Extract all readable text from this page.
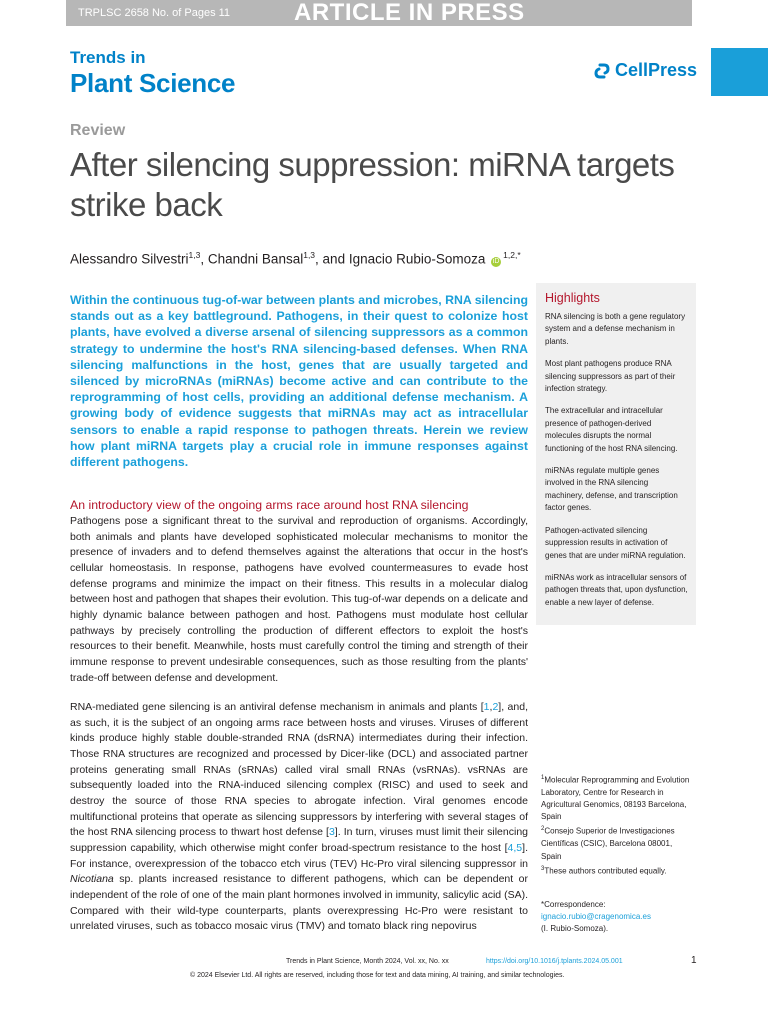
TRPLSC 2658 No. of Pages 11	ARTICLE IN PRESS
Trends in
Plant Science	CellPress
Review
After silencing suppression: miRNA targets strike back
Alessandro Silvestri$^{1,3}$, Chandni Bansal$^{1,3}$, and Ignacio Rubio-Somoza $iD^{1,2,*}$

Within the continuous tug-of-war between plants and microbes, RNA silencing stands out as a key battleground. Pathogens, in their quest to colonize host plants, have evolved a diverse arsenal of silencing suppressors as a common strategy to undermine the host's RNA silencing-based defenses. When RNA silencing malfunctions in the host, genes that are usually targeted and silenced by microRNAs (miRNAs) become active and can contribute to the reprogramming of host cells, providing an additional defense mechanism. A growing body of evidence suggests that miRNAs may act as intracellular sensors to enable a rapid response to pathogen threats. Herein we review how plant miRNA targets play a crucial role in immune responses against different pathogens.

Highlights

RNA silencing is both a gene regulatory system and a defense mechanism in plants.

Most plant pathogens produce RNA silencing suppressors as part of their infection strategy.

The extracellular and intracellular presence of pathogen-derived molecules disrupts the normal functioning of the host RNA silencing.

miRNAs regulate multiple genes involved in the RNA silencing machinery, defense, and transcription factor genes.

Pathogen-activated silencing suppression results in activation of genes that are under miRNA regulation.

miRNAs work as intracellular sensors of pathogen threats that, upon dysfunction, enable a new layer of defense.

An introductory view of the ongoing arms race around host RNA silencing

Pathogens pose a significant threat to the survival and reproduction of organisms. Accordingly, both animals and plants have developed sophisticated molecular mechanisms to monitor the presence of invaders and to defend themselves against the alterations that occur in the host's cellular homeostasis. In response, pathogens have evolved countermeasures to evade host defense programs and minimize the impact on their fitness. This results in a molecular dialog between host and pathogen that shapes their evolution. This tug-of-war depends on a delicate and highly dynamic balance between pathogen and host. Pathogens must modulate host cellular pathways by precisely controlling the production of different effectors to exploit the host's resources to their benefit. Meanwhile, hosts must carefully control the timing and strength of their immune response to prevent undesirable consequences, such as those resulting from the plants' trade-off between defense and development.

RNA-mediated gene silencing is an antiviral defense mechanism in animals and plants [1,2], and, as such, it is the subject of an ongoing arms race between hosts and viruses. Viruses of different kinds produce highly stable double-stranded RNA (dsRNA) intermediates during their infection. Those RNA structures are recognized and processed by Dicer-like (DCL) and associated partner proteins generating small RNAs (sRNAs) called viral small RNAs (vsRNAs). vsRNAs are subsequently loaded into the RNA-induced silencing complex (RISC) and used to seek and destroy the source of those RNA species to abrogate infection. Viral genomes encode multifunctional proteins that operate as silencing suppressors by interfering with several stages of the host RNA silencing process to thwart host defense [3]. In turn, viruses must limit their silencing suppression capability, which otherwise might confer broad-spectrum resistance to the host [4,5]. For instance, overexpression of the tobacco etch virus (TEV) Hc-Pro viral silencing suppressor in Nicotiana sp. plants increased resistance to different pathogens, which can be dependent or independent of the role of one of the main plant hormones involved in immunity, salicylic acid (SA). Compared with their wild-type counterparts, plants overexpressing Hc-Pro were resistant to unrelated viruses, such as tobacco mosaic virus (TMV) and tomato black ring nepovirus

$^1$Molecular Reprogramming and Evolution Laboratory, Centre for Research in Agricultural Genomics, 08193 Barcelona, Spain
$^2$Consejo Superior de Investigaciones Científicas (CSIC), Barcelona 08001, Spain
$^3$These authors contributed equally.
*Correspondence:
ignacio.rubio@cragenomica.es
(I. Rubio-Somoza).
Trends in Plant Science, Month 2024, Vol. xx, No. xx	https://doi.org/10.1016/j.tplants.2024.05.001	1
© 2024 Elsevier Ltd. All rights are reserved, including those for text and data mining, AI training, and similar technologies.
